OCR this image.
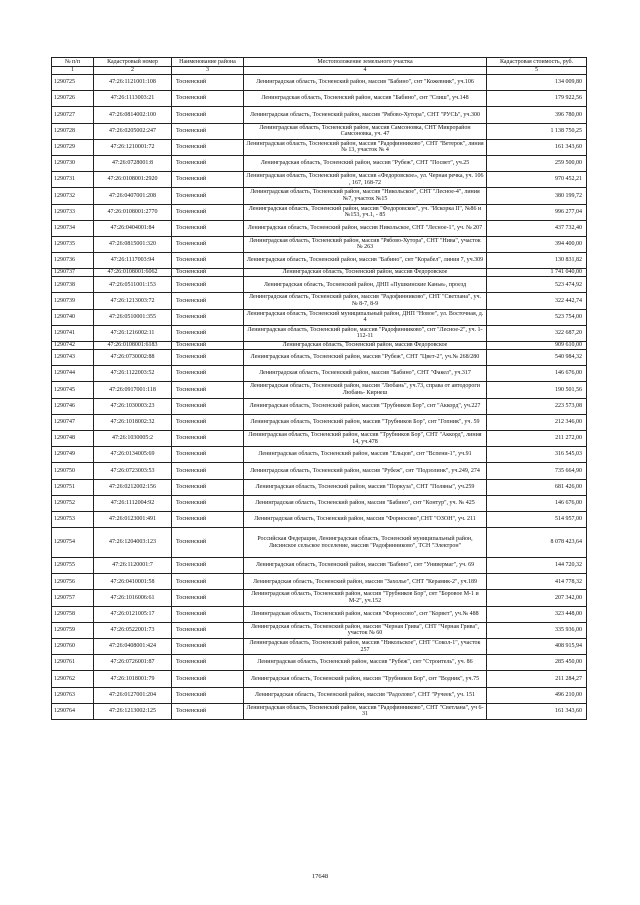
№ п/п	Кадастровый номер	Наименование района	Местоположение земельного участка	Кадастровая стоимость, руб.
1	2	3	4	5
1290725	47:26:1121001:108	Тосненский	Ленинградская область, Тосненский район, массив "Бабино", снт "Кожевник", уч.106	134 009,80
1290726	47:26:1113003:21	Тосненский	Ленинградская область, Тосненский район, массив "Бабино", снт "Слиш", уч.148	179 922,56
1290727	47:26:0814002:100	Тосненский	Ленинградская область, Тосненский район, массив "Рябово-Хутора", СНТ "РУСЬ", уч.300	396 780,00
1290728	47:26:0205002:247	Тосненский	Ленинградская область, Тосненский район, массив Самсоновка, СНТ Микрорайон Самсоновка, уч. 47	1 138 750,25
1290729	47:26:1210001:72	Тосненский	Ленинградская область, Тосненский район, массив "Радофинниково", СНТ "Ветерок", линия № 13, участок № 4	161 343,60
1290730	47:26:0728001:8	Тосненский	Ленинградская область, Тосненский район, массив "Рубеж", СНТ "Посвет", уч.25	259 500,00
1290731	47:26:0108001:2920	Тосненский	Ленинградская область, Тосненский район, массив «Федоровское», ул. Черная речка, уч. 106 , 167, 168-72	970 452,21
1290732	47:26:0407001:208	Тосненский	Ленинградская область, Тосненский район, массив "Никольское", СНТ "Лесное-4", линия №7, участок №15	380 199,72
1290733	47:26:0108001:2770	Тосненский	Ленинградская область, Тосненский район, массив "Федоровское", уч. "Искорка II", №86 и №153, уч.1, - 85	996 277,04
1290734	47:26:0404001:84	Тосненский	Ленинградская область, Тосненский район, массив Никольское, СНТ "Лесное-1", уч. № 207	437 732,40
1290735	47:26:0815001:320	Тосненский	Ленинградская область, Тосненский район, массив "Рябово-Хутора", СНТ "Нива", участок № 263	394 400,00
1290736	47:26:1117003:94	Тосненский	Ленинградская область, Тосненский район, массив "Бабино", снт "Корабел", линия 7, уч.309	130 831,82
1290737	47:26:0108001:6062	Тосненский	Ленинградская область, Тосненский район, массив Федоровское	1 741 040,00
1290738	47:26:0511001:153	Тосненский	Ленинградская область, Тосненский район, ДНП «Пушкинские Канья», проезд	523 474,92
1290739	47:26:1213003:72	Тосненский	Ленинградская область, Тосненский район, массив "Радофинниково", СНТ "Светлана", уч. № 8-7, 8-9	322 442,74
1290740	47:26:0510001:355	Тосненский	Ленинградская область, Тосненский муниципальный район, ДНП "Новое", ул. Восточная, д. 4	523 754,00
1290741	47:26:1216002:11	Тосненский	Ленинградская область, Тосненский район, массив "Радофинниково", снт "Лесное-2", уч. 1-112-11	322 687,20
1290742	47:26:0108001:6183	Тосненский	Ленинградская область, Тосненский район, массив Федоровское	909 610,00
1290743	47:26:0730002:88	Тосненский	Ленинградская область, Тосненский район, массив "Рубеж", СНТ "Цвет-2", уч.№ 268/280	540 984,32
1290744	47:26:1122003:52	Тосненский	Ленинградская область, Тосненский район, массив "Бабино", СНТ "Факел", уч.317	146 676,00
1290745	47:26:0917001:118	Тосненский	Ленинградская область, Тосненский район, массив "Любань", уч.73, справа от автодороги Любань- Кирнеш	190 501,56
1290746	47:26:1030003:23	Тосненский	Ленинградская область, Тосненский район, массив "Трубников Бор", снт "Аккорд", уч.227	223 573,08
1290747	47:26:1018002:32	Тосненский	Ленинградская область, Тосненский район, массив "Трубников Бор", снт "Гопник", уч. 59	212 346,00
1290748	47:26:1030005:2	Тосненский	Ленинградская область, Тосненский район, массив "Трубников Бор", СНТ "Аккорд", линия 14, уч.478	211 272,00
1290749	47:26:0134005:69	Тосненский	Ленинградская область, Тосненский район, массив "Ельцов", снт "Вспени-1", уч.91	316 545,03
1290750	47:26:0723003:53	Тосненский	Ленинградская область, Тосненский район, массив "Рубеж", снт "Подзолинк", уч.249, 274	735 664,90
1290751	47:26:0212002:156	Тосненский	Ленинградская область, Тосненский район, массив "Поркуза", СНТ "Поляны", уч.259	681 426,00
1290752	47:26:1112004:92	Тосненский	Ленинградская область, Тосненский район, массив "Бабино", снт "Контур", уч. № 425	146 676,00
1290753	47:26:0123001:491	Тосненский	Ленинградская область, Тосненский район, массив "Форносово",СНТ "ОЗОН", уч. 211	514 957,00
1290754	47:26:1204003:123	Тосненский	Российская Федерация, Ленинградская область, Тосненский муниципальный район, Лисинское сельское поселение, массив "Радофинниково", ТСН "Электрон"	8 078 423,64
1290755	47:26:1120001:7	Тосненский	Ленинградская область, Тосненский район, массив "Бабино", снт "Универмаг", уч. 69	144 720,32
1290756	47:26:0410001:58	Тосненский	Ленинградская область, Тосненский район, массив "Захолье", СНТ "Керамик-2", уч.189	414 778,32
1290757	47:26:1016006:61	Тосненский	Ленинградская область, Тосненский район, массив "Трубников Бор", снт "Боровое М-1 и М-2", уч.152	207 342,00
1290758	47:26:0121005:17	Тосненский	Ленинградская область, Тосненский район, массив "Форносово", снт "Корвет", уч.№ 488	323 448,00
1290759	47:26:0522001:73	Тосненский	Ленинградская область, Тосненский район, массив "Черная Грива", СНТ "Черная Грива", участок № 60	335 936,00
1290760	47:26:0408001:424	Тосненский	Ленинградская область, Тосненский район, массив "Никольское", СНТ "Сокол-1", участок 257	408 915,94
1290761	47:26:0726001:87	Тосненский	Ленинградская область, Тосненский район, массив "Рубеж", снт "Строитель", уч. 86	285 450,00
1290762	47:26:1018001:79	Тосненский	Ленинградская область, Тосненский район, массив "Трубников Бор", снт "Водник", уч.75	211 284,27
1290763	47:26:0127001:204	Тосненский	Ленинградская область, Тосненский район, массив "Радолово", СНТ "Ручеек", уч. 151	496 210,00
1290764	47:26:1213002:125	Тосненский	Ленинградская область, Тосненский район, массив "Радофинниково", СНТ "Светлана", уч 6-31	161 343,60
17648
